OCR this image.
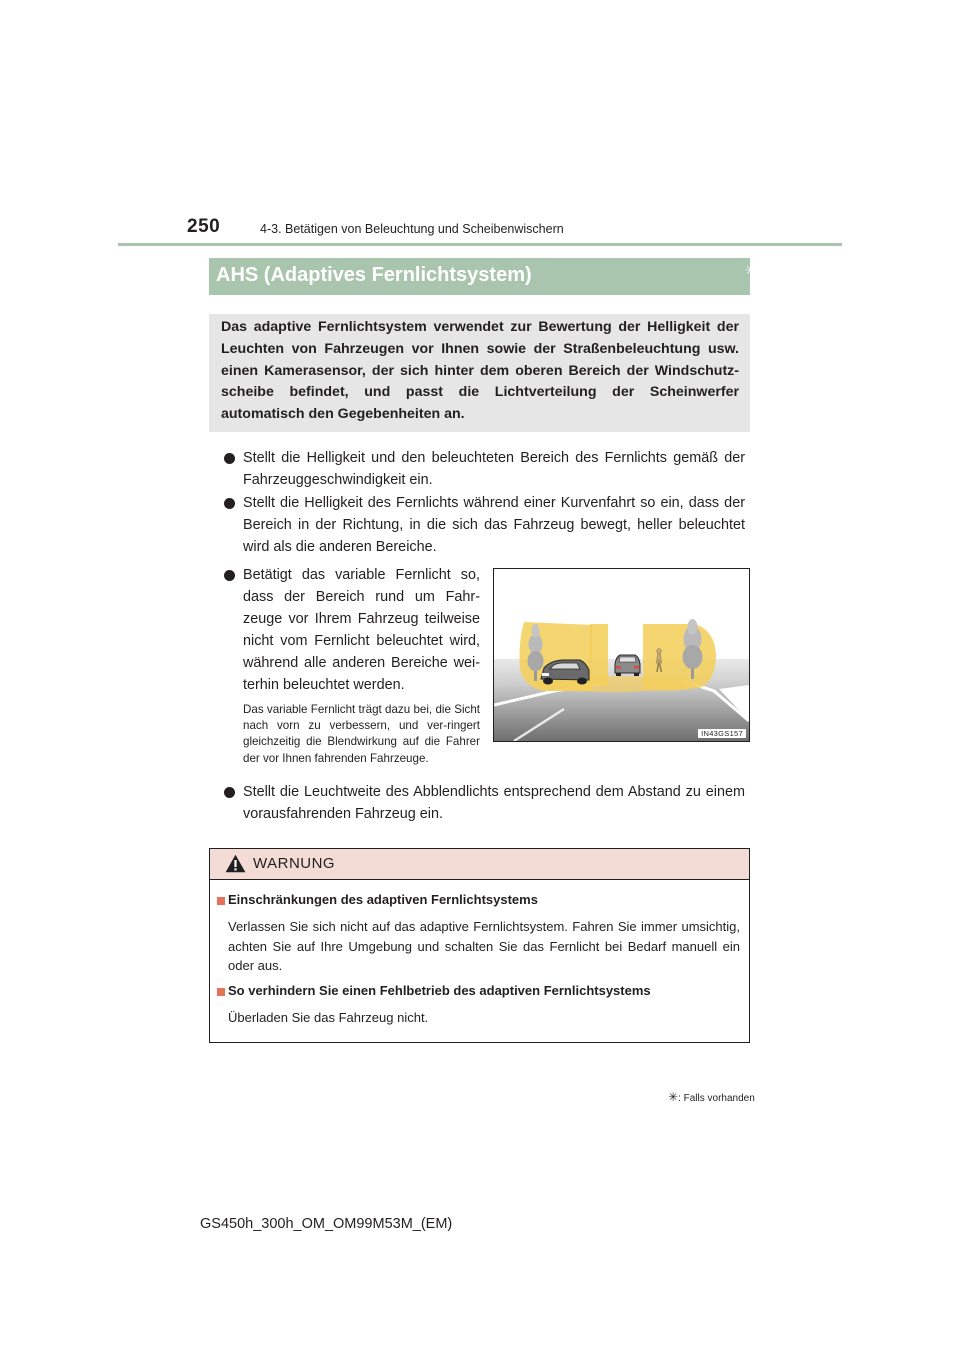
250	4-3. Betätigen von Beleuchtung und Scheibenwischern
AHS (Adaptives Fernlichtsystem)	✳
Das adaptive Fernlichtsystem verwendet zur Bewertung der Helligkeit der Leuchten von Fahrzeugen vor Ihnen sowie der Straßenbeleuchtung usw. einen Kamerasensor, der sich hinter dem oberen Bereich der Windschutz-scheibe befindet, und passt die Lichtverteilung der Scheinwerfer automatisch den Gegebenheiten an.
Stellt die Helligkeit und den beleuchteten Bereich des Fernlichts gemäß der Fahrzeuggeschwindigkeit ein.
Stellt die Helligkeit des Fernlichts während einer Kurvenfahrt so ein, dass der Bereich in der Richtung, in die sich das Fahrzeug bewegt, heller beleuchtet wird als die anderen Bereiche.
Betätigt das variable Fernlicht so, dass der Bereich rund um Fahr-zeuge vor Ihrem Fahrzeug teilweise nicht vom Fernlicht beleuchtet wird, während alle anderen Bereiche wei-terhin beleuchtet werden.
Das variable Fernlicht trägt dazu bei, die Sicht nach vorn zu verbessern, und ver-ringert gleichzeitig die Blendwirkung auf die Fahrer der vor Ihnen fahrenden Fahrzeuge.
IN43GS157
Stellt die Leuchtweite des Abblendlichts entsprechend dem Abstand zu einem vorausfahrenden Fahrzeug ein.
WARNUNG
Einschränkungen des adaptiven Fernlichtsystems
Verlassen Sie sich nicht auf das adaptive Fernlichtsystem. Fahren Sie immer umsichtig, achten Sie auf Ihre Umgebung und schalten Sie das Fernlicht bei Bedarf manuell ein oder aus.
So verhindern Sie einen Fehlbetrieb des adaptiven Fernlichtsystems
Überladen Sie das Fahrzeug nicht.
✳: Falls vorhanden
GS450h_300h_OM_OM99M53M_(EM)
